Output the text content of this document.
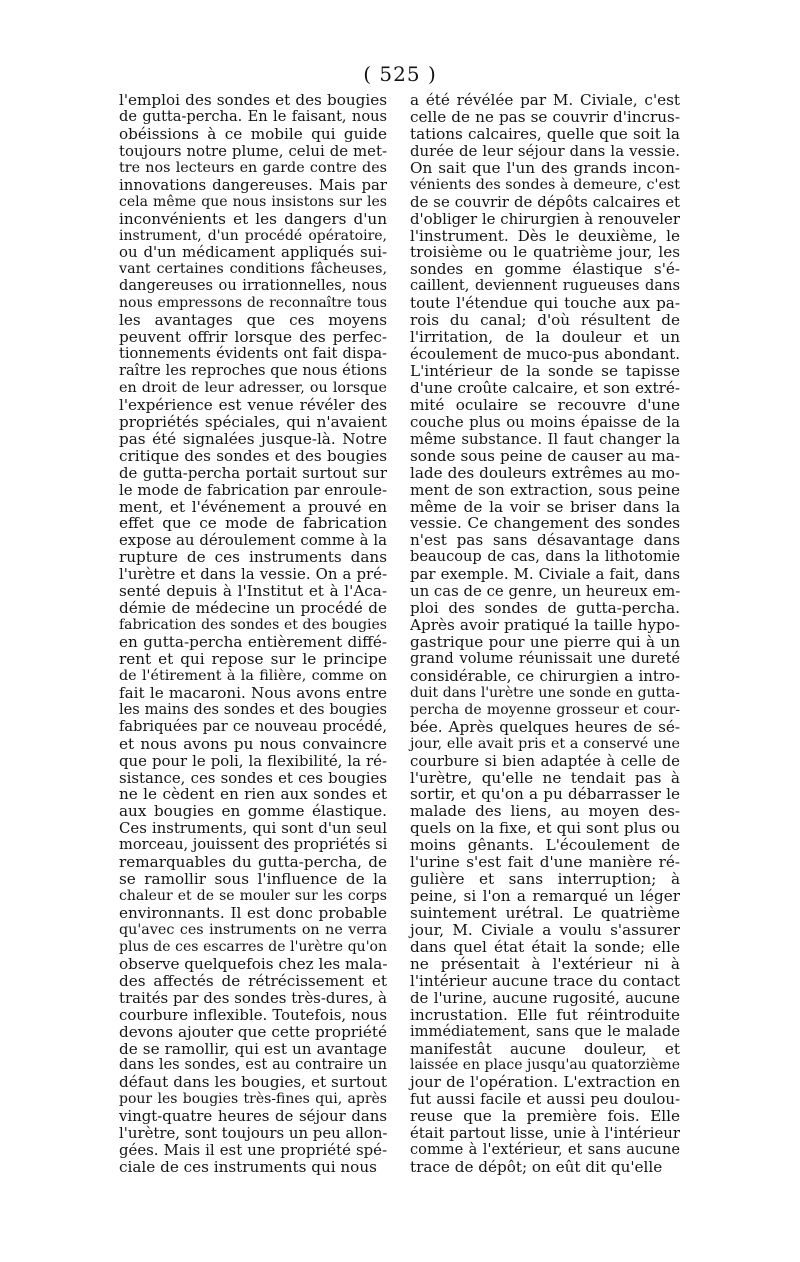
( 525 )
l'emploi des sondes et des bougies
de gutta-percha. En le faisant, nous
obéissions à ce mobile qui guide
toujours notre plume, celui de met-
tre nos lecteurs en garde contre des
innovations dangereuses. Mais par
cela même que nous insistons sur les
inconvénients et les dangers d'un
instrument, d'un procédé opératoire,
ou d'un médicament appliqués sui-
vant certaines conditions fâcheuses,
dangereuses ou irrationnelles, nous
nous empressons de reconnaître tous
les avantages que ces moyens
peuvent offrir lorsque des perfec-
tionnements évidents ont fait dispa-
raître les reproches que nous étions
en droit de leur adresser, ou lorsque
l'expérience est venue révéler des
propriétés spéciales, qui n'avaient
pas été signalées jusque-là. Notre
critique des sondes et des bougies
de gutta-percha portait surtout sur
le mode de fabrication par enroule-
ment, et l'événement a prouvé en
effet que ce mode de fabrication
expose au déroulement comme à la
rupture de ces instruments dans
l'urètre et dans la vessie. On a pré-
senté depuis à l'Institut et à l'Aca-
démie de médecine un procédé de
fabrication des sondes et des bougies
en gutta-percha entièrement diffé-
rent et qui repose sur le principe
de l'étirement à la filière, comme on
fait le macaroni. Nous avons entre
les mains des sondes et des bougies
fabriquées par ce nouveau procédé,
et nous avons pu nous convaincre
que pour le poli, la flexibilité, la ré-
sistance, ces sondes et ces bougies
ne le cèdent en rien aux sondes et
aux bougies en gomme élastique.
Ces instruments, qui sont d'un seul
morceau, jouissent des propriétés si
remarquables du gutta-percha, de
se ramollir sous l'influence de la
chaleur et de se mouler sur les corps
environnants. Il est donc probable
qu'avec ces instruments on ne verra
plus de ces escarres de l'urètre qu'on
observe quelquefois chez les mala-
des affectés de rétrécissement et
traités par des sondes très-dures, à
courbure inflexible. Toutefois, nous
devons ajouter que cette propriété
de se ramollir, qui est un avantage
dans les sondes, est au contraire un
défaut dans les bougies, et surtout
pour les bougies très-fines qui, après
vingt-quatre heures de séjour dans
l'urètre, sont toujours un peu allon-
gées. Mais il est une propriété spé-
ciale de ces instruments qui nous
a été révélée par M. Civiale, c'est
celle de ne pas se couvrir d'incrus-
tations calcaires, quelle que soit la
durée de leur séjour dans la vessie.
On sait que l'un des grands incon-
vénients des sondes à demeure, c'est
de se couvrir de dépôts calcaires et
d'obliger le chirurgien à renouveler
l'instrument. Dès le deuxième, le
troisième ou le quatrième jour, les
sondes en gomme élastique s'é-
caillent, deviennent rugueuses dans
toute l'étendue qui touche aux pa-
rois du canal; d'où résultent de
l'irritation, de la douleur et un
écoulement de muco-pus abondant.
L'intérieur de la sonde se tapisse
d'une croûte calcaire, et son extré-
mité oculaire se recouvre d'une
couche plus ou moins épaisse de la
même substance. Il faut changer la
sonde sous peine de causer au ma-
lade des douleurs extrêmes au mo-
ment de son extraction, sous peine
même de la voir se briser dans la
vessie. Ce changement des sondes
n'est pas sans désavantage dans
beaucoup de cas, dans la lithotomie
par exemple. M. Civiale a fait, dans
un cas de ce genre, un heureux em-
ploi des sondes de gutta-percha.
Après avoir pratiqué la taille hypo-
gastrique pour une pierre qui à un
grand volume réunissait une dureté
considérable, ce chirurgien a intro-
duit dans l'urètre une sonde en gutta-
percha de moyenne grosseur et cour-
bée. Après quelques heures de sé-
jour, elle avait pris et a conservé une
courbure si bien adaptée à celle de
l'urètre, qu'elle ne tendait pas à
sortir, et qu'on a pu débarrasser le
malade des liens, au moyen des-
quels on la fixe, et qui sont plus ou
moins gênants. L'écoulement de
l'urine s'est fait d'une manière ré-
gulière et sans interruption; à
peine, si l'on a remarqué un léger
suintement urétral. Le quatrième
jour, M. Civiale a voulu s'assurer
dans quel état était la sonde; elle
ne présentait à l'extérieur ni à
l'intérieur aucune trace du contact
de l'urine, aucune rugosité, aucune
incrustation. Elle fut réintroduite
immédiatement, sans que le malade
manifestât aucune douleur, et
laissée en place jusqu'au quatorzième
jour de l'opération. L'extraction en
fut aussi facile et aussi peu doulou-
reuse que la première fois. Elle
était partout lisse, unie à l'intérieur
comme à l'extérieur, et sans aucune
trace de dépôt; on eût dit qu'elle
